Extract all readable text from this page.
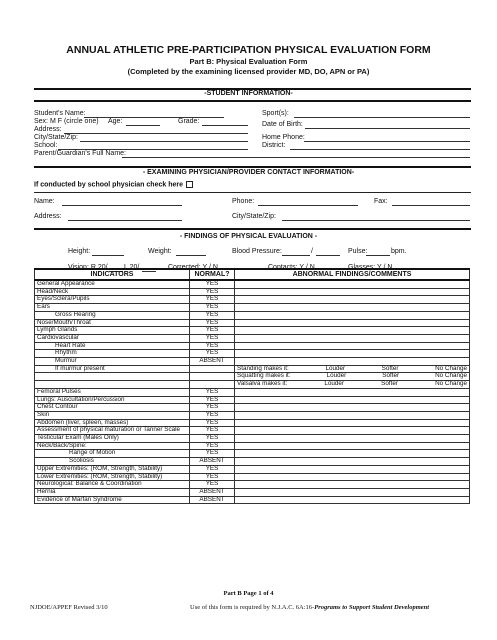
ANNUAL ATHLETIC PRE-PARTICIPATION PHYSICAL EVALUATION FORM
Part B: Physical Evaluation Form
(Completed by the examining licensed provider MD, DO, APN or PA)
-STUDENT INFORMATION-
Student's Name:	Sport(s):
Sex: M F (circle one) Age:	Grade:	Date of Birth:
Address:
City/State/Zip:	Home Phone:
School:	District:
Parent/Guardian's Full Name:
- EXAMINING PHYSICIAN/PROVIDER CONTACT INFORMATION-
If conducted by school physician check here
Name:	Phone:	Fax:
Address:	City/State/Zip:
- FINDINGS OF PHYSICAL EVALUATION -
Height:	Weight:	Blood Pressure:	/	Pulse:	bpm.
Vision: R 20/ L 20/	Corrected: Y / N	Contacts: Y / N	Glasses: Y / N
INDICATORS	NORMAL?	ABNORMAL FINDINGS/COMMENTS
General Appearance	YES	
Head/Neck	YES	
Eyes/Sclera/Pupils	YES	
Ears	YES	
Gross Hearing	YES	
Nose/Mouth/Throat	YES	
Lymph Glands	YES	
Cardiovascular	YES	
Heart Rate	YES	
Rhythm	YES	
Murmur	ABSENT	
If murmur present		Standing makes it: Louder Softer No Change

		Squatting makes it: Louder Softer No Change

		Valsalva makes it: Louder Softer No Change

Femoral Pulses	YES	
Lungs: Auscultation/Percussion	YES	
Chest Contour	YES	
Skin	YES	
Abdomen (liver, spleen, masses)	YES	
Assessment of physical maturation or Tanner Scale	YES	
Testicular Exam (Males Only)	YES	
Neck/Back/Spine:	YES	
Range of Motion	YES	
Scoliosis	ABSENT	
Upper Extremities: (ROM, Strength, Stability)	YES	
Lower Extremities: (ROM, Strength, Stability)	YES	
Neurological: Balance & Coordination	YES	
Hernia	ABSENT	
Evidence of Marfan Syndrome	ABSENT	
Part B Page 1 of 4
NJDOE/APPEF Revised 3/10	Use of this form is required by N.J.A.C. 6A:16-Programs to Support Student Development
